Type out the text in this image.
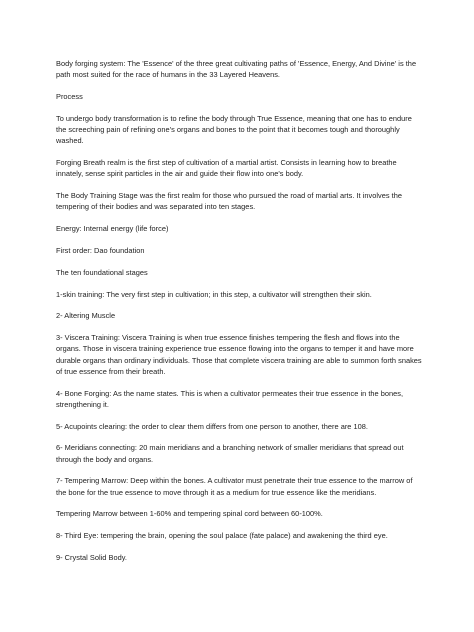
Body forging system: The 'Essence' of the three great cultivating paths of 'Essence, Energy, And Divine' is the path most suited for the race of humans in the 33 Layered Heavens.

Process

To undergo body transformation is to refine the body through True Essence, meaning that one has to endure the screeching pain of refining one's organs and bones to the point that it becomes tough and thoroughly washed.

Forging Breath realm is the first step of cultivation of a martial artist. Consists in learning how to breathe innately, sense spirit particles in the air and guide their flow into one's body.

The Body Training Stage was the first realm for those who pursued the road of martial arts. It involves the tempering of their bodies and was separated into ten stages.

Energy: Internal energy (life force)

First order: Dao foundation

The ten foundational stages

1-skin training: The very first step in cultivation; in this step, a cultivator will strengthen their skin.

2- Altering Muscle

3- Viscera Training: Viscera Training is when true essence finishes tempering the flesh and flows into the organs. Those in viscera training experience true essence flowing into the organs to temper it and have more durable organs than ordinary individuals. Those that complete viscera training are able to summon forth snakes of true essence from their breath.

4- Bone Forging: As the name states. This is when a cultivator permeates their true essence in the bones, strengthening it.

5- Acupoints clearing: the order to clear them differs from one person to another, there are 108.

6- Meridians connecting: 20 main meridians and a branching network of smaller meridians that spread out through the body and organs.

7- Tempering Marrow: Deep within the bones. A cultivator must penetrate their true essence to the marrow of the bone for the true essence to move through it as a medium for true essence like the meridians.

Tempering Marrow between 1-60% and tempering spinal cord between 60-100%.

8- Third Eye: tempering the brain, opening the soul palace (fate palace) and awakening the third eye.

9- Crystal Solid Body.
